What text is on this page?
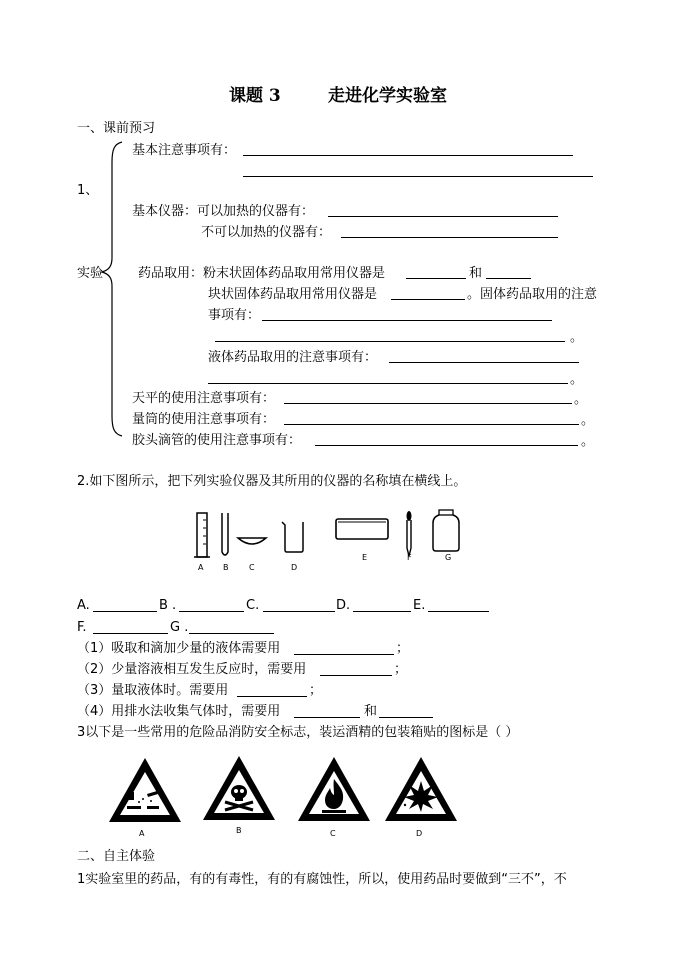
课题 3	走进化学实验室
一、课前预习
1、
实验
基本注意事项有：
基本仪器：可以加热的仪器有：
不可以加热的仪器有：
药品取用：粉末状固体药品取用常用仪器是	和
块状固体药品取用常用仪器是	。固体药品取用的注意
事项有：
。
液体药品取用的注意事项有：
。
天平的使用注意事项有：	。
量筒的使用注意事项有：	。
胶头滴管的使用注意事项有：	。
2.如下图所示，把下列实验仪器及其所用的仪器的名称填在横线上。
A B	C	D
E	F	G
A.	B .	C.	D.	E.
F.	G .
（1）吸取和滴加少量的液体需要用	；
（2）少量溶液相互发生反应时，需要用	；
（3）量取液体时。需要用	；
（4）用排水法收集气体时，需要用	和
3以下是一些常用的危险品消防安全标志，装运酒精的包装箱贴的图标是（ ）
A	B	C	D
二、自主体验
1实验室里的药品，有的有毒性，有的有腐蚀性，所以，使用药品时要做到“三不”，不
